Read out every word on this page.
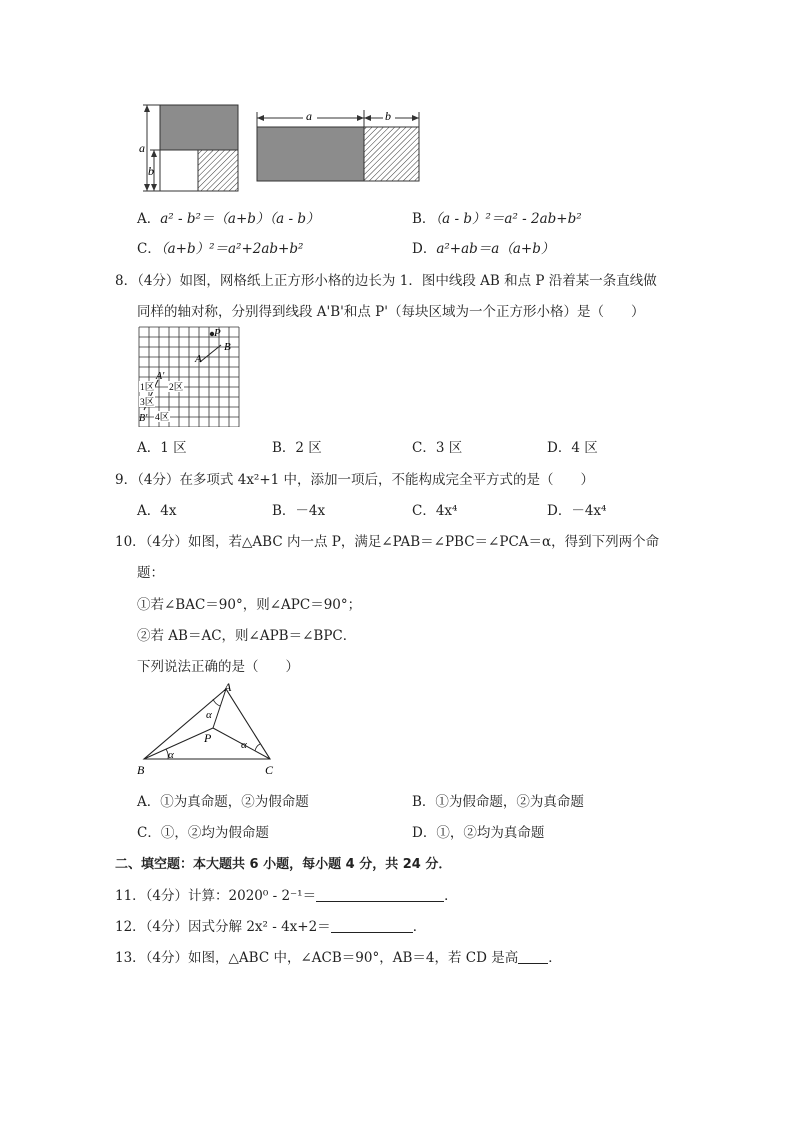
a
b
a	b
A．a² - b²＝（a+b）（a - b）	B．（a - b）²＝a² - 2ab+b²
C．（a+b）²＝a²+2ab+b²	D．a²+ab＝a（a+b）
8．（4分）如图，网格纸上正方形小格的边长为 1．图中线段 AB 和点 P 沿着某一条直线做
同样的轴对称，分别得到线段 A'B'和点 P'（每块区域为一个正方形小格）是（　　）
P
B
A
A'
B'
1区 2区
3区
4区
A．1 区	B．2 区	C．3 区	D．4 区
9．（4分）在多项式 4x²+1 中，添加一项后，不能构成完全平方式的是（　　）
A．4x	B．－4x	C．4x⁴	D．－4x⁴
10．（4分）如图，若△ABC 内一点 P，满足∠PAB＝∠PBC＝∠PCA＝α，得到下列两个命
题：
①若∠BAC＝90°，则∠APC＝90°；
②若 AB＝AC，则∠APB＝∠BPC．
下列说法正确的是（　　）
A
B	C
P
α
α
α
A．①为真命题，②为假命题	B．①为假命题，②为真命题
C．①，②均为假命题	D．①，②均为真命题
二、填空题：本大题共 6 小题，每小题 4 分，共 24 分．
11．（4分）计算：2020⁰ - 2⁻¹＝	．
12．（4分）因式分解 2x² - 4x+2＝	．
13．（4分）如图，△ABC 中，∠ACB＝90°，AB＝4，若 CD 是高 ．
